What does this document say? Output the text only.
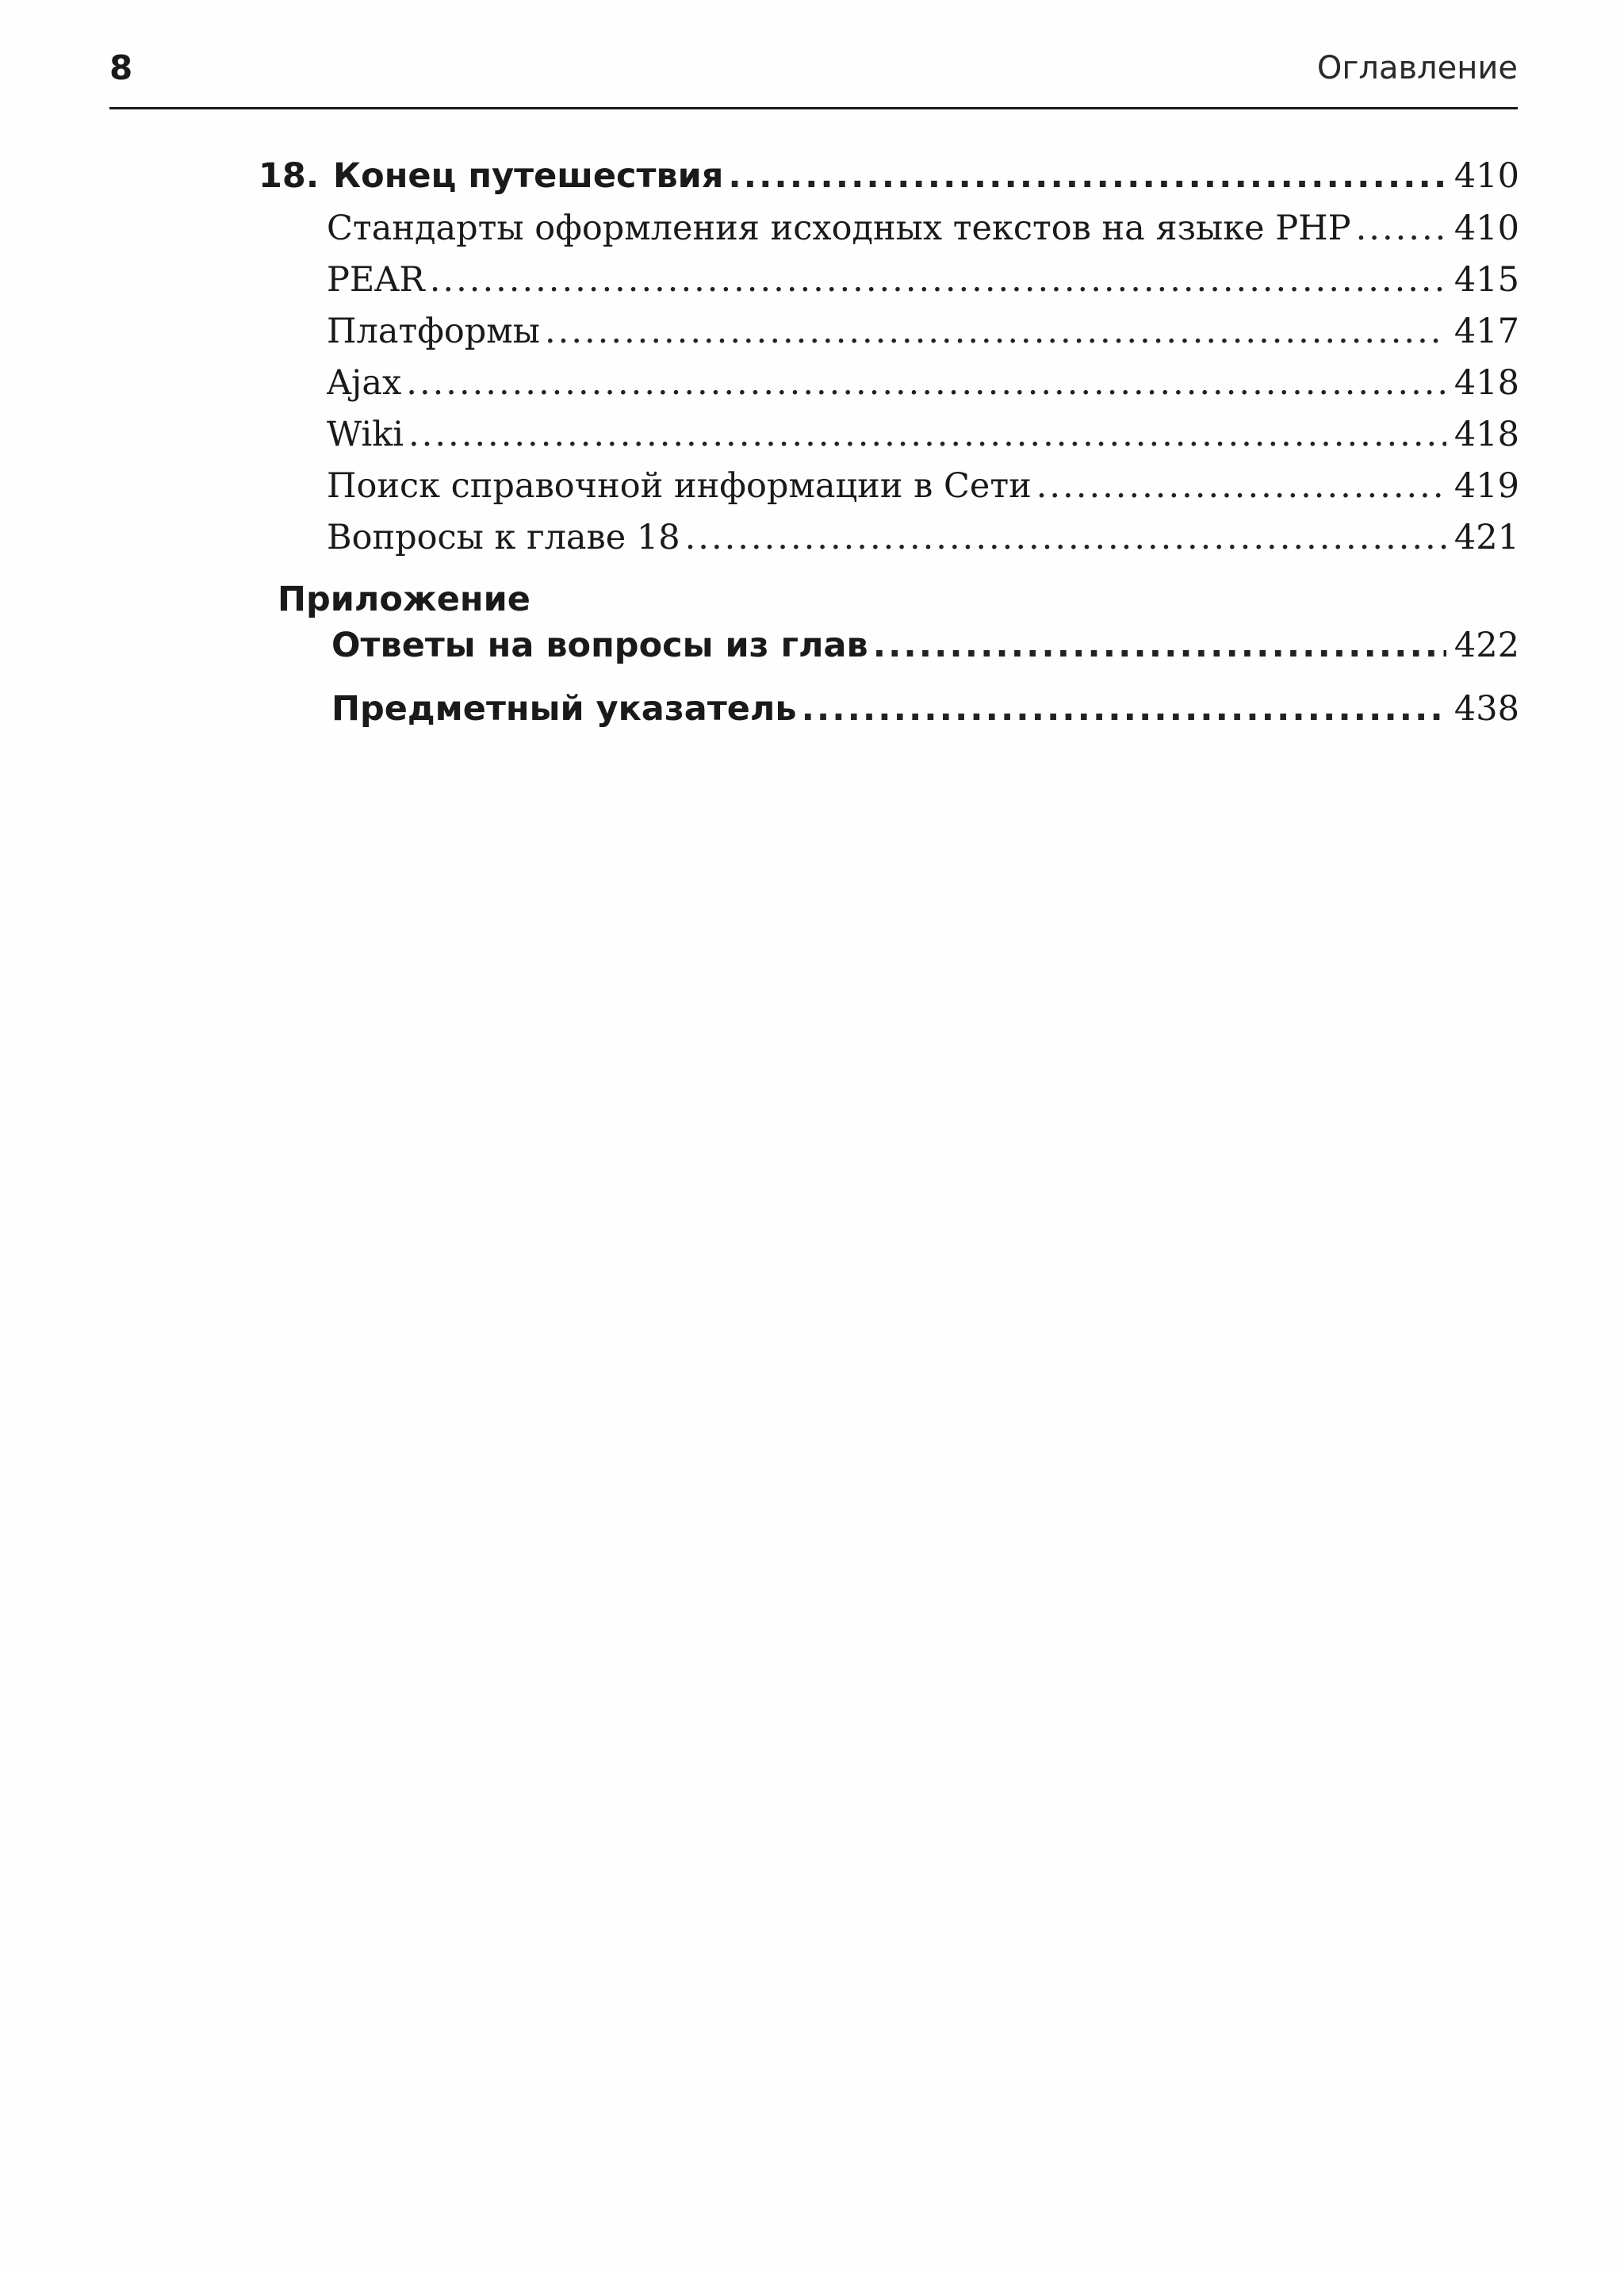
8	Оглавление
18. Конец путешествия .....	410
Стандарты оформления исходных текстов на языке PHP .....	410
PEAR .....	415
Платформы .....	417
Ajax .....	418
Wiki .....	418
Поиск справочной информации в Сети .....	419
Вопросы к главе 18 .....	421
Приложение
Ответы на вопросы из глав .....	422
Предметный указатель .....	438
